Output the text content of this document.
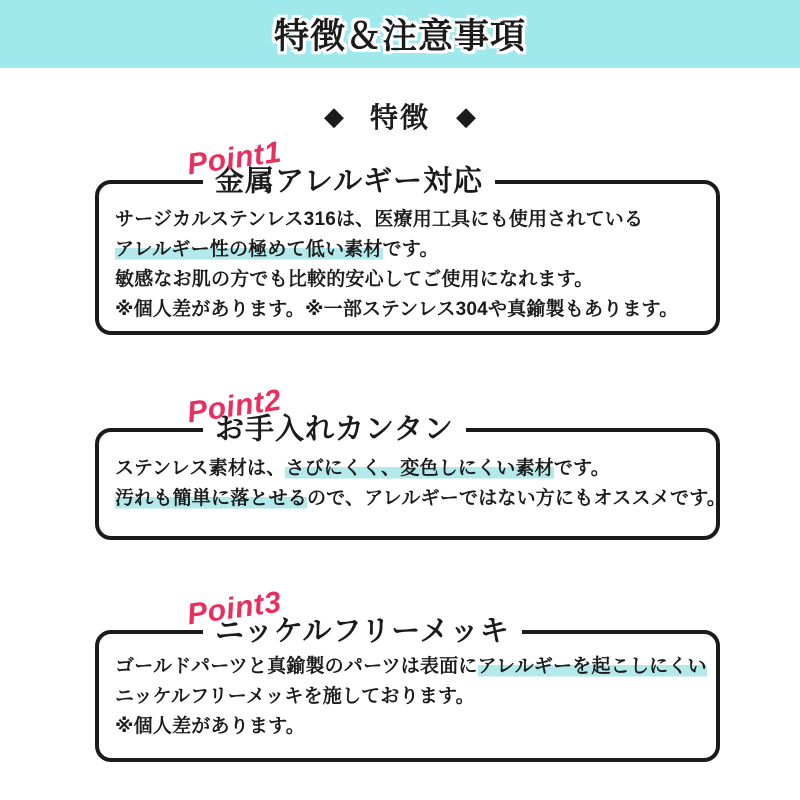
特徴＆注意事項
◆ 特徴 ◆
Point1
金属アレルギー対応

サージカルステンレス316は、医療用工具にも使用されている

アレルギー性の極めて低い素材です。

敏感なお肌の方でも比較的安心してご使用になれます。

※個人差があります。※一部ステンレス304や真鍮製もあります。

Point2
お手入れカンタン

ステンレス素材は、さびにくく、変色しにくい素材です。

汚れも簡単に落とせるので、アレルギーではない方にもオススメです。

Point3
ニッケルフリーメッキ

ゴールドパーツと真鍮製のパーツは表面にアレルギーを起こしにくい

ニッケルフリーメッキを施しております。

※個人差があります。
